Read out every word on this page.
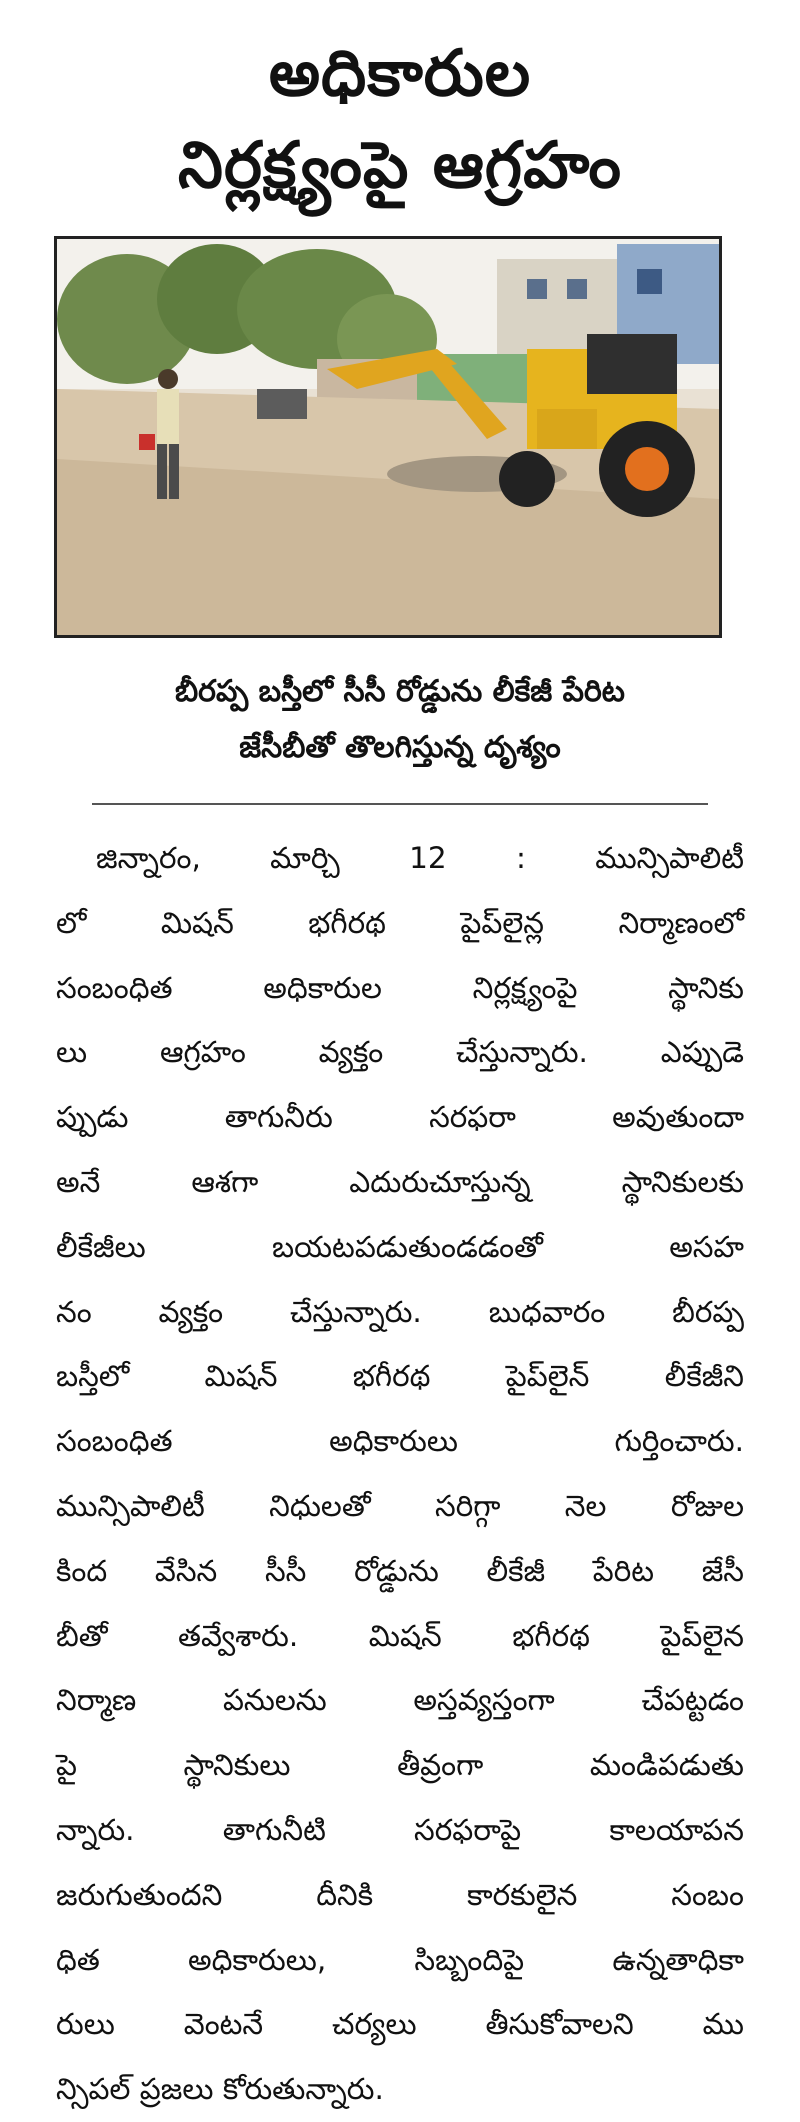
అధికారుల
నిర్లక్ష్యంపై ఆగ్రహం
బీరప్ప బస్తీలో సీసీ రోడ్డును లీకేజీ పేరిట
జేసీబీతో తొలగిస్తున్న దృశ్యం
జిన్నారం, మార్చి 12 : మున్సిపాలిటీ
లో మిషన్ భగీరథ పైప్‌లైన్ల నిర్మాణంలో
సంబంధిత అధికారుల నిర్లక్ష్యంపై స్థానికు
లు ఆగ్రహం వ్యక్తం చేస్తున్నారు. ఎప్పుడె
ప్పుడు తాగునీరు సరఫరా అవుతుందా
అనే ఆశగా ఎదురుచూస్తున్న స్థానికులకు
లీకేజీలు బయటపడుతుండడంతో అసహ
నం వ్యక్తం చేస్తున్నారు. బుధవారం బీరప్ప
బస్తీలో మిషన్ భగీరథ పైప్‌లైన్ లీకేజీని
సంబంధిత అధికారులు గుర్తించారు.
మున్సిపాలిటీ నిధులతో సరిగ్గా నెల రోజుల
కింద వేసిన సీసీ రోడ్డును లీకేజీ పేరిట జేసీ
బీతో తవ్వేశారు. మిషన్ భగీరథ పైప్‌లైన
నిర్మాణ పనులను అస్తవ్యస్తంగా చేపట్టడం
పై స్థానికులు తీవ్రంగా మండిపడుతు
న్నారు. తాగునీటి సరఫరాపై కాలయాపన
జరుగుతుందని దీనికి కారకులైన సంబం
ధిత అధికారులు, సిబ్బందిపై ఉన్నతాధికా
రులు వెంటనే చర్యలు తీసుకోవాలని ము
న్సిపల్ ప్రజలు కోరుతున్నారు.
